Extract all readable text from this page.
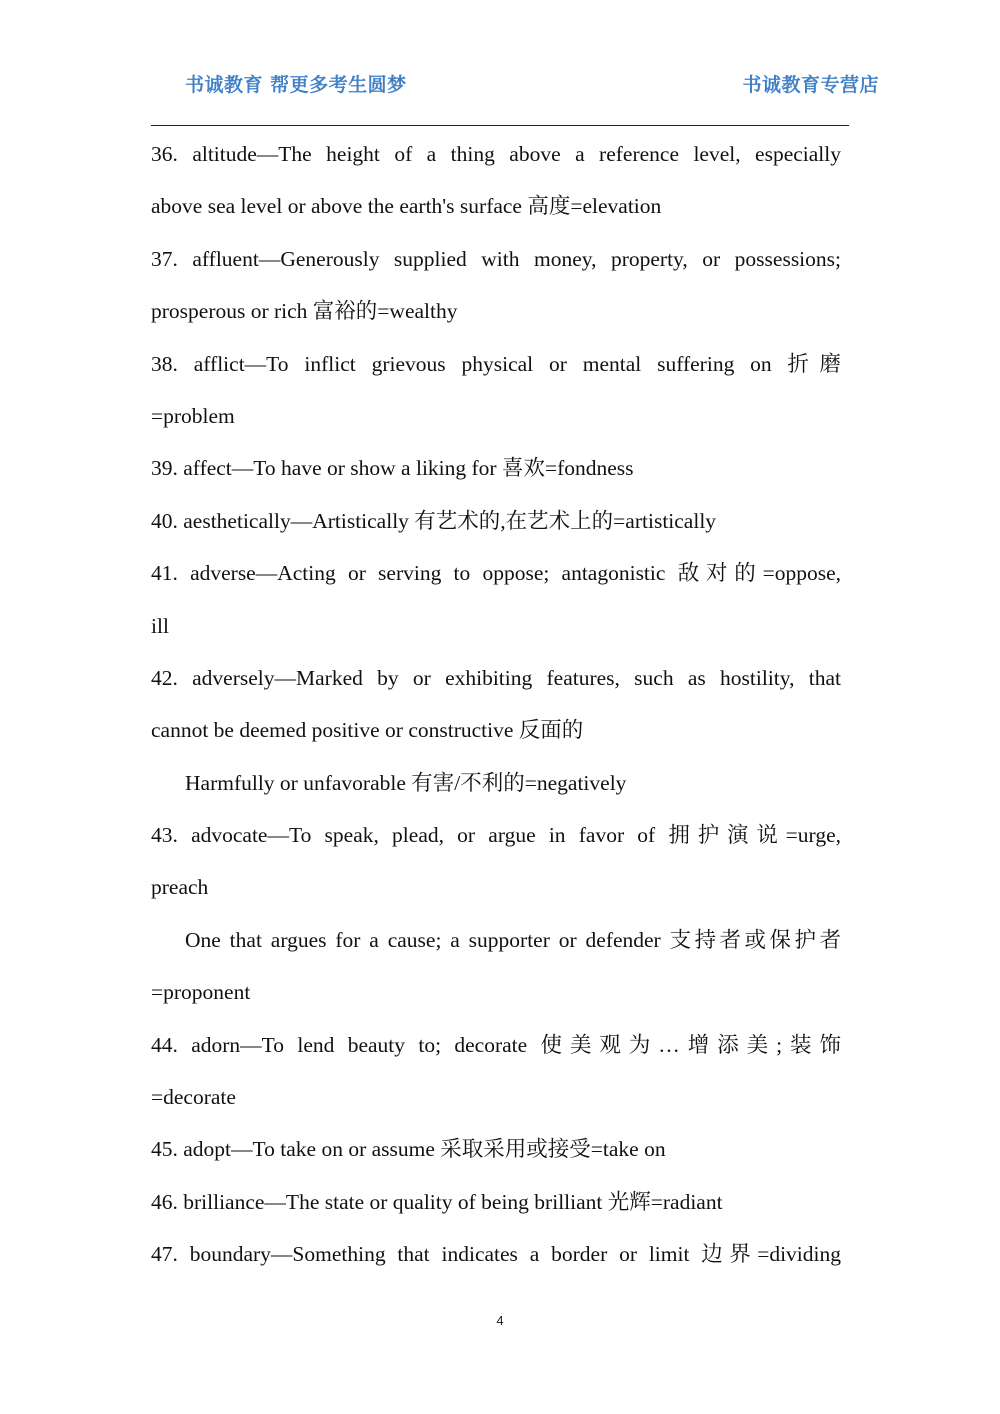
书诚教育 帮更多考生圆梦	书诚教育专营店
36. altitude—The height of a thing above a reference level, especially
above sea level or above the earth's surface 高度=elevation
37. affluent—Generously supplied with money, property, or possessions;
prosperous or rich 富裕的=wealthy
38. afflict—To inflict grievous physical or mental suffering on 折磨
=problem
39. affect—To have or show a liking for 喜欢=fondness
40. aesthetically—Artistically 有艺术的,在艺术上的=artistically
41. adverse—Acting or serving to oppose; antagonistic 敌对的=oppose,
ill
42. adversely—Marked by or exhibiting features, such as hostility, that
cannot be deemed positive or constructive 反面的
Harmfully or unfavorable 有害/不利的=negatively
43. advocate—To speak, plead, or argue in favor of 拥护演说=urge,
preach
One that argues for a cause; a supporter or defender 支持者或保护者
=proponent
44. adorn—To lend beauty to; decorate 使美观为…增添美;装饰
=decorate
45. adopt—To take on or assume 采取采用或接受=take on
46. brilliance—The state or quality of being brilliant 光辉=radiant
47. boundary—Something that indicates a border or limit 边界=dividing
4
